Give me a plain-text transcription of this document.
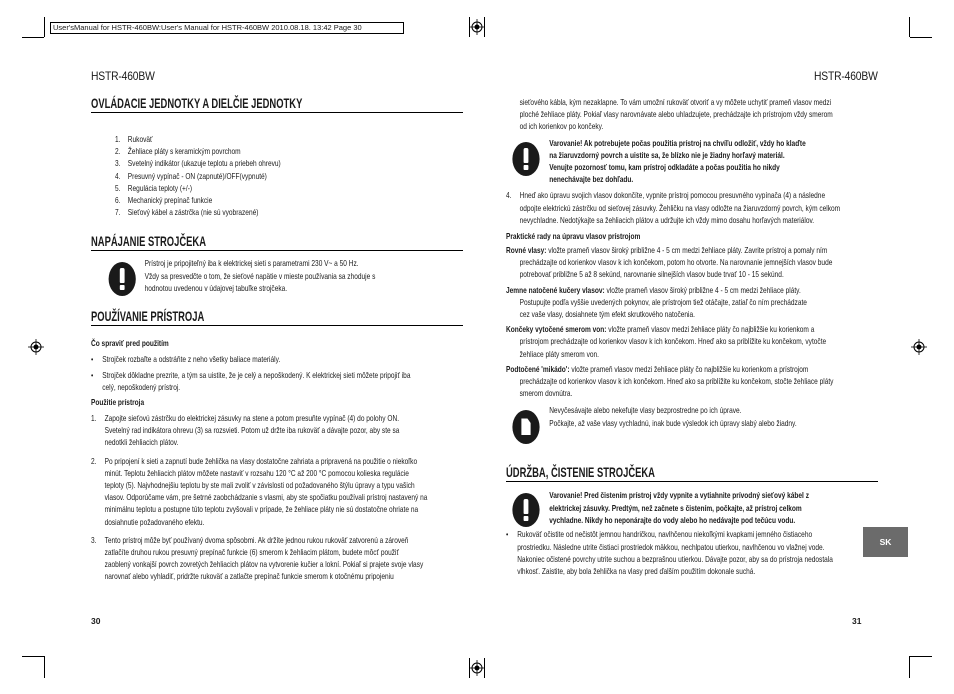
User'sManual for HSTR-460BW:User's Manual for HSTR-460BW 2010.08.18. 13:42 Page 30
HSTR-460BW	HSTR-460BW
OVLÁDACIE JEDNOTKY A DIELČIE JEDNOTKY
1. Rukoväť
2. Žehliace pláty s keramickým povrchom
3. Svetelný indikátor (ukazuje teplotu a priebeh ohrevu)
4. Presuvný vypínač - ON (zapnuté)/OFF(vypnuté)
5. Regulácia teploty (+/-)
6. Mechanický prepínač funkcie
7. Sieťový kábel a zástrčka (nie sú vyobrazené)
NAPÁJANIE STROJČEKA
Prístroj je pripojiteľný iba k elektrickej sieti s parametrami 230 V~ a 50 Hz.
Vždy sa presvedčte o tom, že sieťové napätie v mieste používania sa zhoduje s
hodnotou uvedenou v údajovej tabuľke strojčeka.
POUŽÍVANIE PRÍSTROJA
Čo spraviť pred použitím
•	Strojček rozbaľte a odstráňte z neho všetky baliace materiály.
•	Strojček dôkladne prezrite, a tým sa uistite, že je celý a nepoškodený. K elektrickej sieti môžete pripojiť iba
celý, nepoškodený prístroj.
Použitie prístroja
1. Zapojte sieťovú zástrčku do elektrickej zásuvky na stene a potom presuňte vypínač (4) do polohy ON.
Svetelný rad indikátora ohrevu (3) sa rozsvieti. Potom už držte iba rukoväť a dávajte pozor, aby ste sa
nedotkli žehliacich plátov.
2. Po pripojení k sieti a zapnutí bude žehlička na vlasy dostatočne zahriata a pripravená na použitie o niekoľko
minút. Teplotu žehliacich plátov môžete nastaviť v rozsahu 120 °C až 200 °C pomocou kolieska regulácie
teploty (5). Najvhodnejšiu teplotu by ste mali zvoliť v závislosti od požadovaného štýlu úpravy a typu vašich
vlasov. Odporúčame vám, pre šetrné zaobchádzanie s vlasmi, aby ste spočiatku používali prístroj nastavený na
minimálnu teplotu a postupne túto teplotu zvyšovali v prípade, že žehliace pláty nie sú dostatočne ohriate na
dosiahnutie požadovaného efektu.
3. Tento prístroj môže byť používaný dvoma spôsobmi. Ak držíte jednou rukou rukoväť zatvorenú a zároveň
zatlačíte druhou rukou presuvný prepínač funkcie (6) smerom k žehliacim plátom, budete môcť použiť
zaoblený vonkajší povrch zovretých žehliacich plátov na vytvorenie kučier a lokní. Pokiaľ si prajete svoje vlasy
narovnať alebo vyhladiť, pridržte rukoväť a zatlačte prepínač funkcie smerom k otočnému pripojeniu
sieťového kábla, kým nezaklapne. To vám umožní rukoväť otvoriť a vy môžete uchytiť prameň vlasov medzi
ploché žehliace pláty. Pokiaľ vlasy narovnávate alebo uhladzujete, prechádzajte ich prístrojom vždy smerom
od ich korienkov po končeky.
Varovanie! Ak potrebujete počas použitia prístroj na chvíľu odložiť, vždy ho klaďte
na žiaruvzdorný povrch a uistite sa, že blízko nie je žiadny horľavý materiál.
Venujte pozornosť tomu, kam prístroj odkladáte a počas použitia ho nikdy
nenechávajte bez dohľadu.
4. Hneď ako úpravu svojich vlasov dokončíte, vypnite prístroj pomocou presuvného vypínača (4) a následne
odpojte elektrickú zástrčku od sieťovej zásuvky. Žehličku na vlasy odložte na žiaruvzdorný povrch, kým celkom
nevychladne. Nedotýkajte sa žehliacich plátov a udržujte ich vždy mimo dosahu horľavých materiálov.
Praktické rady na úpravu vlasov prístrojom
Rovné vlasy: vložte prameň vlasov široký približne 4 - 5 cm medzi žehliace pláty. Zavrite prístroj a pomaly ním
prechádzajte od korienkov vlasov k ich končekom, potom ho otvorte. Na narovnanie jemnejších vlasov bude
potrebovať približne 5 až 8 sekúnd, narovnanie silnejších vlasov bude trvať 10 - 15 sekúnd.
Jemne natočené kučery vlasov: vložte prameň vlasov široký približne 4 - 5 cm medzi žehliace pláty.
Postupujte podľa vyššie uvedených pokynov, ale prístrojom tiež otáčajte, zatiaľ čo ním prechádzate
cez vaše vlasy, dosiahnete tým efekt skrutkového natočenia.
Končeky vytočené smerom von: vložte prameň vlasov medzi žehliace pláty čo najbližšie ku korienkom a
prístrojom prechádzajte od korienkov vlasov k ich končekom. Hneď ako sa priblížite ku končekom, vytočte
žehliace pláty smerom von.
Podtočené 'mikádo': vložte prameň vlasov medzi žehliace pláty čo najbližšie ku korienkom a prístrojom
prechádzajte od korienkov vlasov k ich končekom. Hneď ako sa priblížite ku končekom, stočte žehliace pláty
smerom dovnútra.
Nevyčesávajte alebo nekefujte vlasy bezprostredne po ich úprave.
Počkajte, až vaše vlasy vychladnú, inak bude výsledok ich úpravy slabý alebo žiadny.
ÚDRŽBA, ČISTENIE STROJČEKA
Varovanie! Pred čistením prístroj vždy vypnite a vytiahnite prívodný sieťový kábel z
elektrickej zásuvky. Predtým, než začnete s čistením, počkajte, až prístroj celkom
vychladne. Nikdy ho neponárajte do vody alebo ho nedávajte pod tečúcu vodu.
•	Rukoväť očistite od nečistôt jemnou handričkou, navlhčenou niekoľkými kvapkami jemného čistiaceho
prostriedku. Následne utrite čistiaci prostriedok mäkkou, nechlpatou utierkou, navlhčenou vo vlažnej vode.
Nakoniec očistené povrchy utrite suchou a bezprašnou utierkou. Dávajte pozor, aby sa do prístroja nedostala
vlhkosť. Zaistite, aby bola žehlička na vlasy pred ďalším použitím dokonale suchá.
30	31
SK
